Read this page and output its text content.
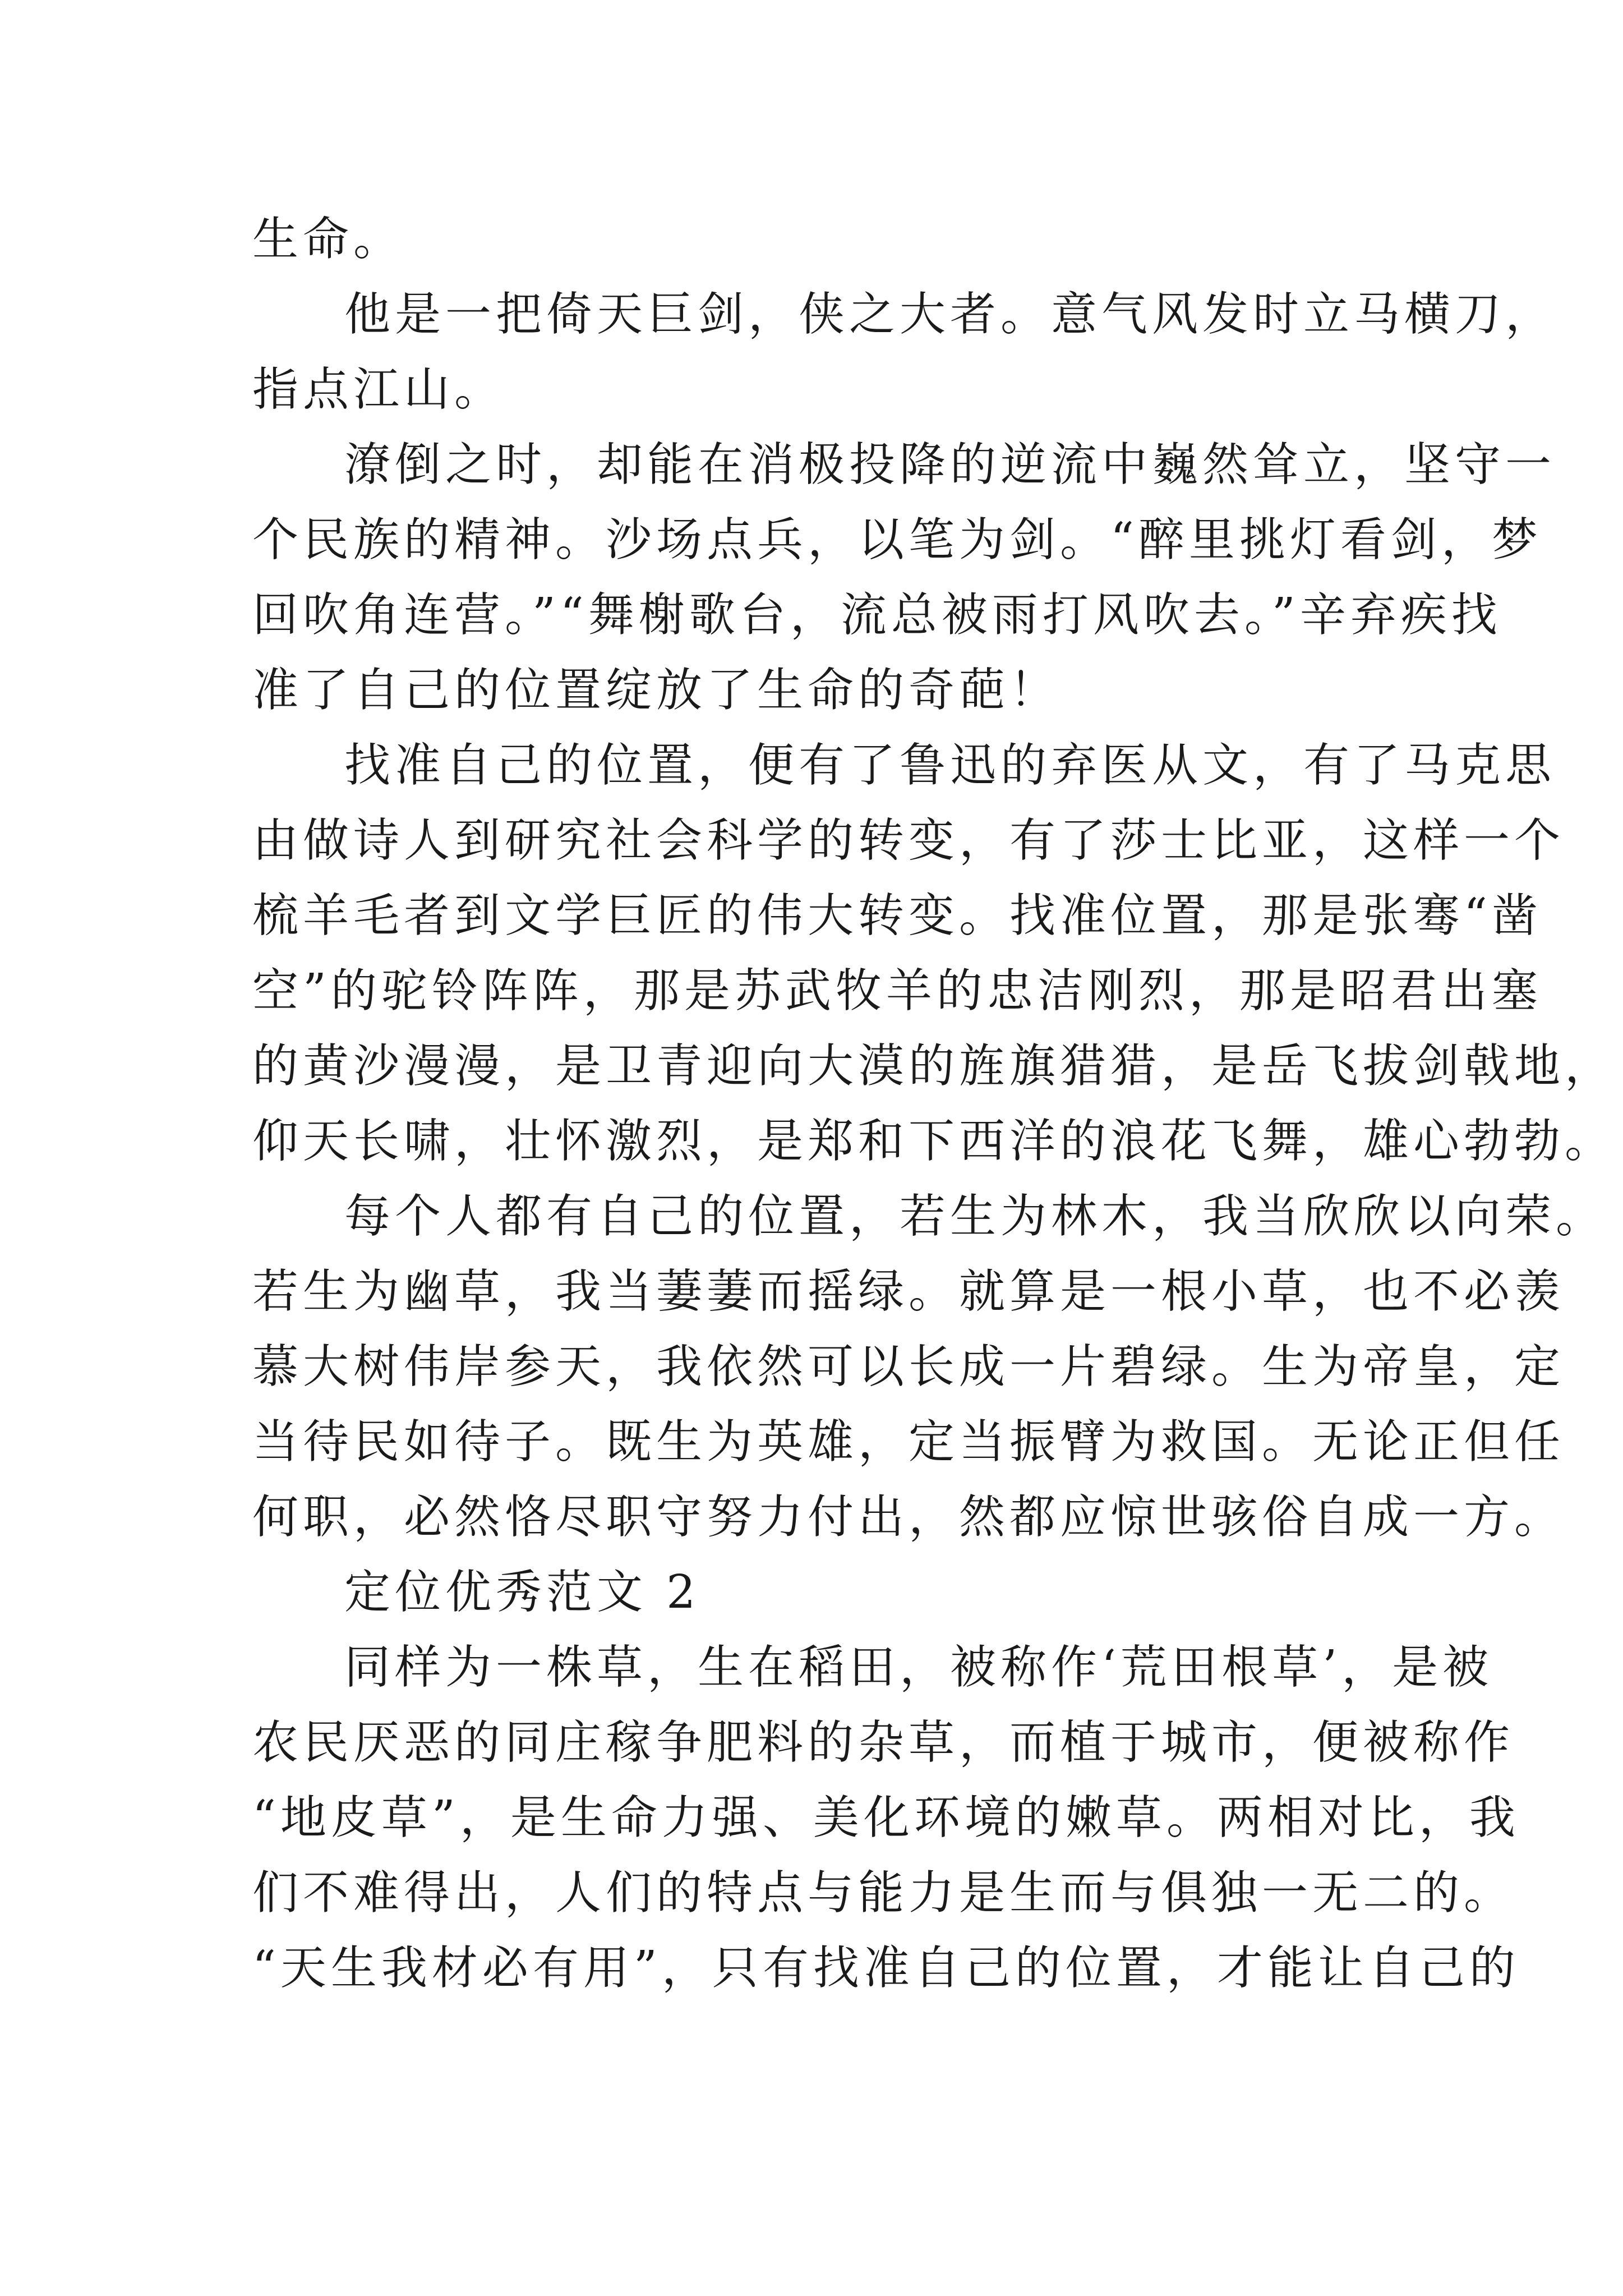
生命。

他是一把倚天巨剑，侠之大者。意气风发时立马横刀，

指点江山。

潦倒之时，却能在消极投降的逆流中巍然耸立，坚守一

个民族的精神。沙场点兵，以笔为剑。“醉里挑灯看剑，梦

回吹角连营。”“舞榭歌台，流总被雨打风吹去。”辛弃疾找

准了自己的位置绽放了生命的奇葩！

找准自己的位置，便有了鲁迅的弃医从文，有了马克思

由做诗人到研究社会科学的转变，有了莎士比亚，这样一个

梳羊毛者到文学巨匠的伟大转变。找准位置，那是张骞“凿

空”的驼铃阵阵，那是苏武牧羊的忠洁刚烈，那是昭君出塞

的黄沙漫漫，是卫青迎向大漠的旌旗猎猎，是岳飞拔剑戟地，

仰天长啸，壮怀激烈，是郑和下西洋的浪花飞舞，雄心勃勃。

每个人都有自己的位置，若生为林木，我当欣欣以向荣。

若生为幽草，我当萋萋而摇绿。就算是一根小草，也不必羡

慕大树伟岸参天，我依然可以长成一片碧绿。生为帝皇，定

当待民如待子。既生为英雄，定当振臂为救国。无论正但任

何职，必然恪尽职守努力付出，然都应惊世骇俗自成一方。

定位优秀范文 2

同样为一株草，生在稻田，被称作‘荒田根草’，是被

农民厌恶的同庄稼争肥料的杂草，而植于城市，便被称作

“地皮草”，是生命力强、美化环境的嫩草。两相对比，我

们不难得出，人们的特点与能力是生而与俱独一无二的。

“天生我材必有用”，只有找准自己的位置，才能让自己的
